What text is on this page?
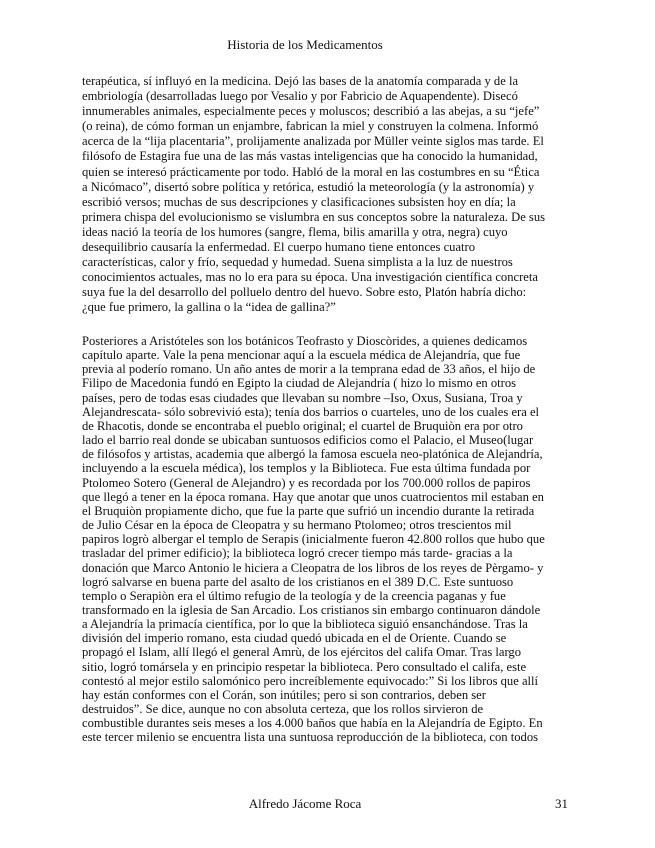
Historia de los Medicamentos
terapéutica, sí influyó en la medicina. Dejó las bases de la anatomía comparada y de la
embriología (desarrolladas luego por Vesalio y por Fabricio de Aquapendente). Disecó
innumerables animales, especialmente peces y moluscos; describió a las abejas, a su “jefe”
(o reina), de cómo forman un enjambre, fabrican la miel y construyen la colmena. Informó
acerca de la “lija placentaria”, prolijamente analizada por Müller veinte siglos mas tarde. El
filósofo de Estagira fue una de las más vastas inteligencias que ha conocido la humanidad,
quien se interesó prácticamente por todo. Habló de la moral en las costumbres en su “Ética
a Nicómaco”, disertó sobre política y retórica, estudió la meteorología (y la astronomía) y
escribió versos; muchas de sus descripciones y clasificaciones subsisten hoy en día; la
primera chispa del evolucionismo se vislumbra en sus conceptos sobre la naturaleza. De sus
ideas nació la teoría de los humores (sangre, flema, bilis amarilla y otra, negra) cuyo
desequilibrio causaría la enfermedad. El cuerpo humano tiene entonces cuatro
características, calor y frío, sequedad y humedad. Suena simplista a la luz de nuestros
conocimientos actuales, mas no lo era para su época. Una investigación científica concreta
suya fue la del desarrollo del polluelo dentro del huevo. Sobre esto, Platón habría dicho:
¿que fue primero, la gallina o la “idea de gallina?”
Posteriores a Aristóteles son los botánicos Teofrasto y Dioscòrides, a quienes dedicamos
capítulo aparte. Vale la pena mencionar aquí a la escuela médica de Alejandría, que fue
previa al poderío romano. Un año antes de morir a la temprana edad de 33 años, el hijo de
Filipo de Macedonia fundó en Egipto la ciudad de Alejandría ( hizo lo mismo en otros
países, pero de todas esas ciudades que llevaban su nombre –Iso, Oxus, Susiana, Troa y
Alejandrescata- sólo sobrevivió esta); tenía dos barrios o cuarteles, uno de los cuales era el
de Rhacotis, donde se encontraba el pueblo original; el cuartel de Bruquiòn era por otro
lado el barrio real donde se ubicaban suntuosos edificios como el Palacio, el Museo(lugar
de filósofos y artistas, academia que albergó la famosa escuela neo-platónica de Alejandría,
incluyendo a la escuela médica), los templos y la Biblioteca. Fue esta última fundada por
Ptolomeo Sotero (General de Alejandro) y es recordada por los 700.000 rollos de papiros
que llegó a tener en la época romana. Hay que anotar que unos cuatrocientos mil estaban en
el Bruquiòn propiamente dicho, que fue la parte que sufrió un incendio durante la retirada
de Julio César en la época de Cleopatra y su hermano Ptolomeo; otros trescientos mil
papiros logrò albergar el templo de Serapis (inicialmente fueron 42.800 rollos que hubo que
trasladar del primer edificio); la biblioteca logró crecer tiempo más tarde- gracias a la
donación que Marco Antonio le hiciera a Cleopatra de los libros de los reyes de Pèrgamo- y
logró salvarse en buena parte del asalto de los cristianos en el 389 D.C. Este suntuoso
templo o Serapiòn era el último refugio de la teología y de la creencia paganas y fue
transformado en la iglesia de San Arcadio. Los cristianos sin embargo continuaron dándole
a Alejandría la primacía científica, por lo que la biblioteca siguió ensanchándose. Tras la
división del imperio romano, esta ciudad quedó ubicada en el de Oriente. Cuando se
propagó el Islam, allí llegó el general Amrù, de los ejércitos del califa Omar. Tras largo
sitio, logró tomársela y en principio respetar la biblioteca. Pero consultado el califa, este
contestó al mejor estilo salomónico pero increíblemente equivocado:” Si los libros que allí
hay están conformes con el Corán, son inútiles; pero si son contrarios, deben ser
destruidos”. Se dice, aunque no con absoluta certeza, que los rollos sirvieron de
combustible durantes seis meses a los 4.000 baños que había en la Alejandría de Egipto. En
este tercer milenio se encuentra lista una suntuosa reproducción de la biblioteca, con todos
Alfredo Jácome Roca	31
